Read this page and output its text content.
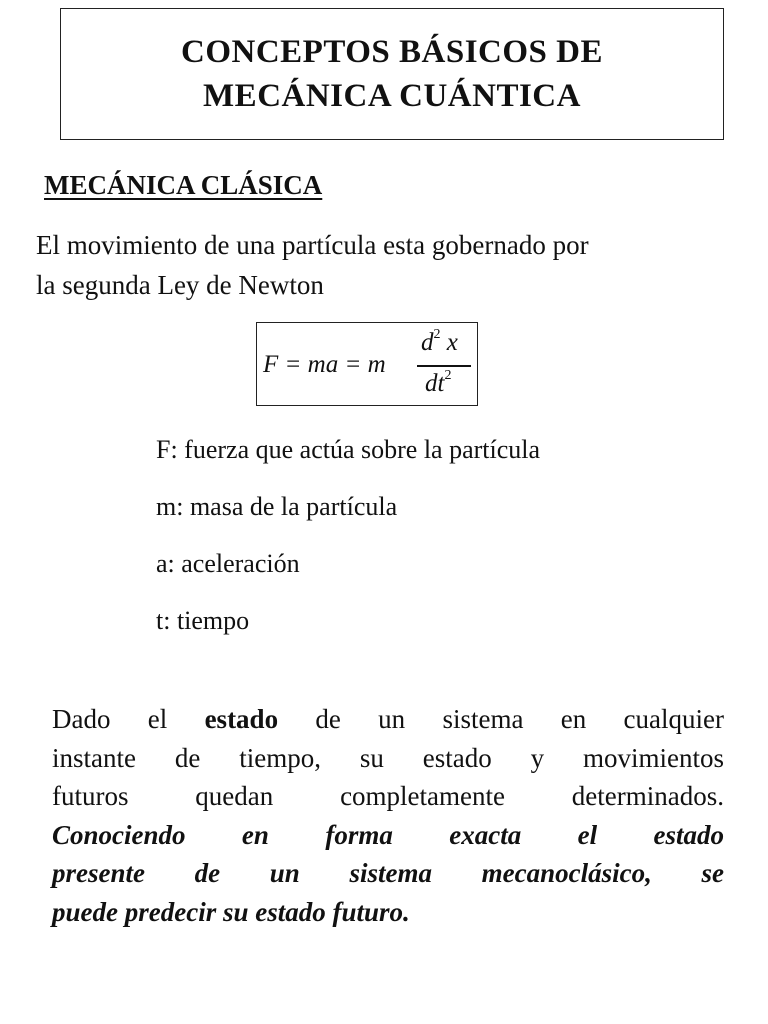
CONCEPTOS BÁSICOS DE
MECÁNICA CUÁNTICA
MECÁNICA CLÁSICA
El movimiento de una partícula esta gobernado por
la segunda Ley de Newton
F = ma = m
$d^2$ x
$dt^2$
F: fuerza que actúa sobre la partícula
m: masa de la partícula
a: aceleración
t: tiempo
Dado el estado de un sistema en cualquier
instante de tiempo, su estado y movimientos
futuros quedan completamente determinados.
Conociendo en forma exacta el estado
presente de un sistema mecanoclásico, se
puede predecir su estado futuro.
